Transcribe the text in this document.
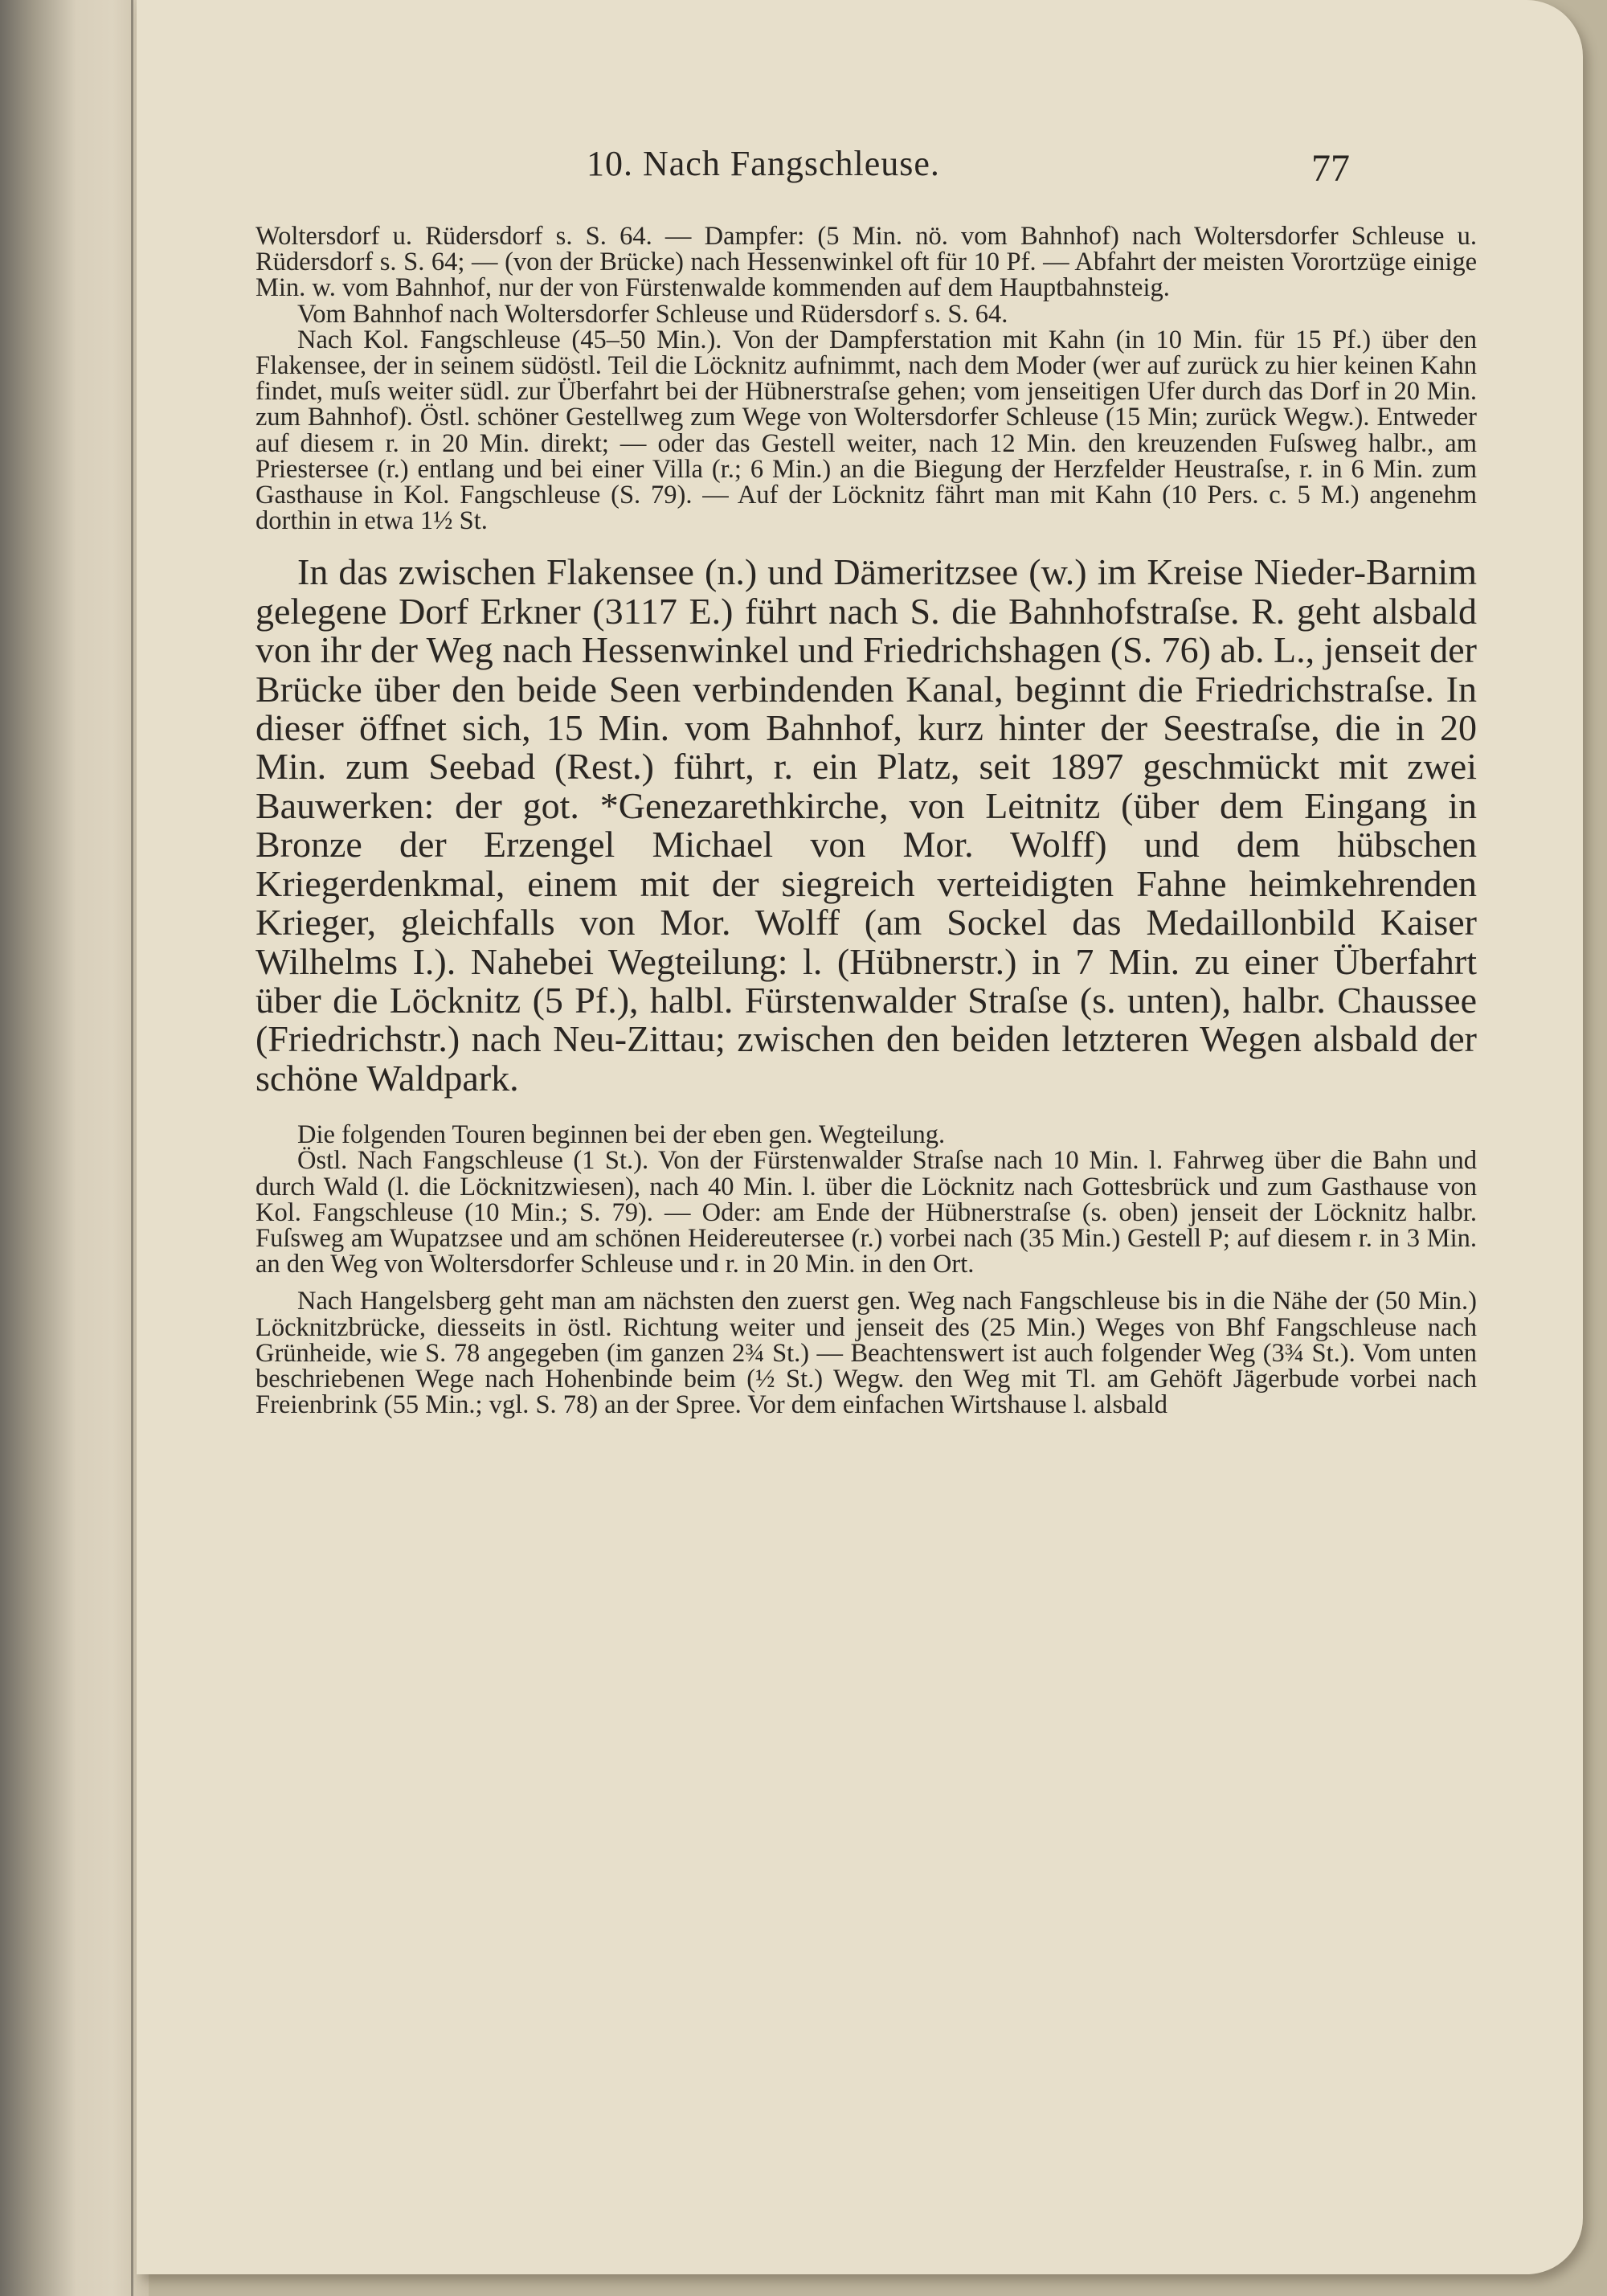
10. Nach Fangschleuse.	77

Woltersdorf u. Rüdersdorf s. S. 64. — Dampfer: (5 Min. nö. vom Bahnhof) nach Woltersdorfer Schleuse u. Rüdersdorf s. S. 64; — (von der Brücke) nach Hessenwinkel oft für 10 Pf. — Abfahrt der meisten Vorortzüge einige Min. w. vom Bahnhof, nur der von Fürstenwalde kommenden auf dem Hauptbahnsteig.

Vom Bahnhof nach Woltersdorfer Schleuse und Rüdersdorf s. S. 64.

Nach Kol. Fangschleuse (45–50 Min.). Von der Dampferstation mit Kahn (in 10 Min. für 15 Pf.) über den Flakensee, der in seinem südöstl. Teil die Löcknitz aufnimmt, nach dem Moder (wer auf zurück zu hier keinen Kahn findet, muſs weiter südl. zur Überfahrt bei der Hübnerstraſse gehen; vom jenseitigen Ufer durch das Dorf in 20 Min. zum Bahnhof). Östl. schöner Gestellweg zum Wege von Woltersdorfer Schleuse (15 Min; zurück Wegw.). Entweder auf diesem r. in 20 Min. direkt; — oder das Gestell weiter, nach 12 Min. den kreuzenden Fuſsweg halbr., am Priestersee (r.) entlang und bei einer Villa (r.; 6 Min.) an die Biegung der Herzfelder Heustraſse, r. in 6 Min. zum Gasthause in Kol. Fangschleuse (S. 79). — Auf der Löcknitz fährt man mit Kahn (10 Pers. c. 5 M.) angenehm dorthin in etwa 1½ St.

In das zwischen Flakensee (n.) und Dämeritzsee (w.) im Kreise Nieder-Barnim gelegene Dorf Erkner (3117 E.) führt nach S. die Bahnhofstraſse. R. geht alsbald von ihr der Weg nach Hessenwinkel und Friedrichshagen (S. 76) ab. L., jenseit der Brücke über den beide Seen verbindenden Kanal, beginnt die Friedrichstraſse. In dieser öffnet sich, 15 Min. vom Bahnhof, kurz hinter der Seestraſse, die in 20 Min. zum Seebad (Rest.) führt, r. ein Platz, seit 1897 geschmückt mit zwei Bauwerken: der got. *Genezarethkirche, von Leitnitz (über dem Eingang in Bronze der Erzengel Michael von Mor. Wolff) und dem hübschen Kriegerdenkmal, einem mit der siegreich verteidigten Fahne heimkehrenden Krieger, gleichfalls von Mor. Wolff (am Sockel das Medaillonbild Kaiser Wilhelms I.). Nahebei Wegteilung: l. (Hübnerstr.) in 7 Min. zu einer Überfahrt über die Löcknitz (5 Pf.), halbl. Fürstenwalder Straſse (s. unten), halbr. Chaussee (Friedrichstr.) nach Neu-Zittau; zwischen den beiden letzteren Wegen alsbald der schöne Waldpark.

Die folgenden Touren beginnen bei der eben gen. Wegteilung.

Östl. Nach Fangschleuse (1 St.). Von der Fürstenwalder Straſse nach 10 Min. l. Fahrweg über die Bahn und durch Wald (l. die Löcknitzwiesen), nach 40 Min. l. über die Löcknitz nach Gottesbrück und zum Gasthause von Kol. Fangschleuse (10 Min.; S. 79). — Oder: am Ende der Hübnerstraſse (s. oben) jenseit der Löcknitz halbr. Fuſsweg am Wupatzsee und am schönen Heidereutersee (r.) vorbei nach (35 Min.) Gestell P; auf diesem r. in 3 Min. an den Weg von Woltersdorfer Schleuse und r. in 20 Min. in den Ort.

Nach Hangelsberg geht man am nächsten den zuerst gen. Weg nach Fangschleuse bis in die Nähe der (50 Min.) Löcknitzbrücke, diesseits in östl. Richtung weiter und jenseit des (25 Min.) Weges von Bhf Fangschleuse nach Grünheide, wie S. 78 angegeben (im ganzen 2¾ St.) — Beachtenswert ist auch folgender Weg (3¾ St.). Vom unten beschriebenen Wege nach Hohenbinde beim (½ St.) Wegw. den Weg mit Tl. am Gehöft Jägerbude vorbei nach Freienbrink (55 Min.; vgl. S. 78) an der Spree. Vor dem einfachen Wirtshause l. alsbald
